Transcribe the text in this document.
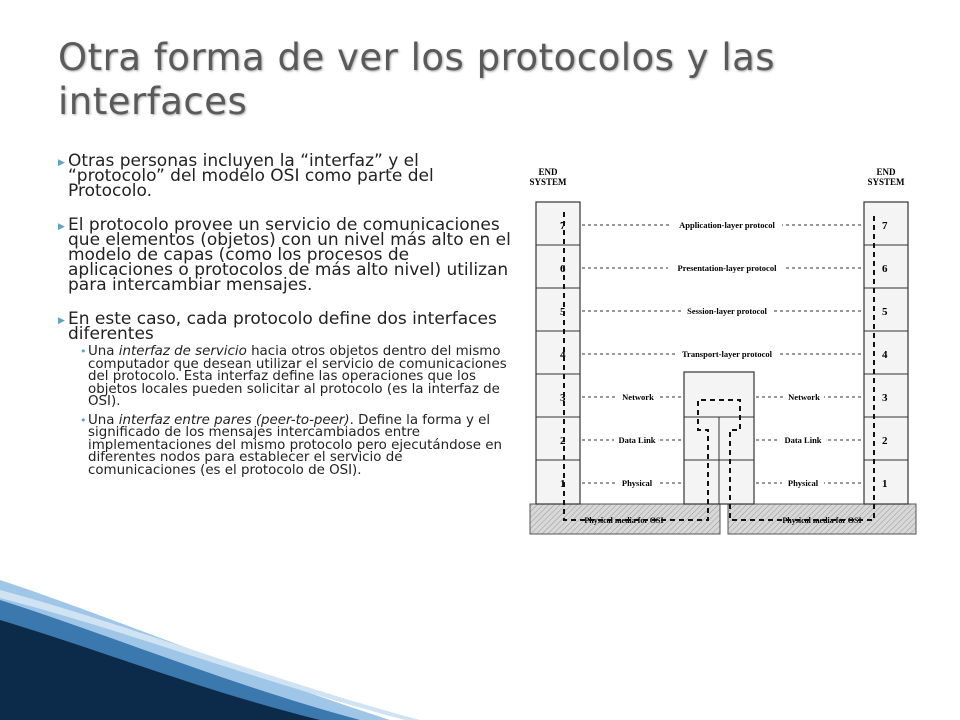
Otra forma de ver los protocolos y las interfaces
▶ Otras personas incluyen la “interfaz” y el “protocolo” del modelo OSI como parte del Protocolo.
▶ El protocolo provee un servicio de comunicaciones que elementos (objetos) con un nivel más alto en el modelo de capas (como los procesos de aplicaciones o protocolos de más alto nivel) utilizan para intercambiar mensajes.
▶ En este caso, cada protocolo define dos interfaces diferentes
• Una interfaz de servicio hacia otros objetos dentro del mismo computador que desean utilizar el servicio de comunicaciones del protocolo. Esta interfaz define las operaciones que los objetos locales pueden solicitar al protocolo (es la interfaz de OSI).
• Una interfaz entre pares (peer-to-peer). Define la forma y el significado de los mensajes intercambiados entre implementaciones del mismo protocolo pero ejecutándose en diferentes nodos para establecer el servicio de comunicaciones (es el protocolo de OSI).
END
SYSTEM
END
SYSTEM
Physical media for OSI	Physical media for OSI
7
6
5
4
3
2
1
7
6
5
4
3
2
1
Application-layer protocol
Presentation-layer protocol
Session-layer protocol
Transport-layer protocol
Network	Network
Data Link	Data Link
Physical	Physical
